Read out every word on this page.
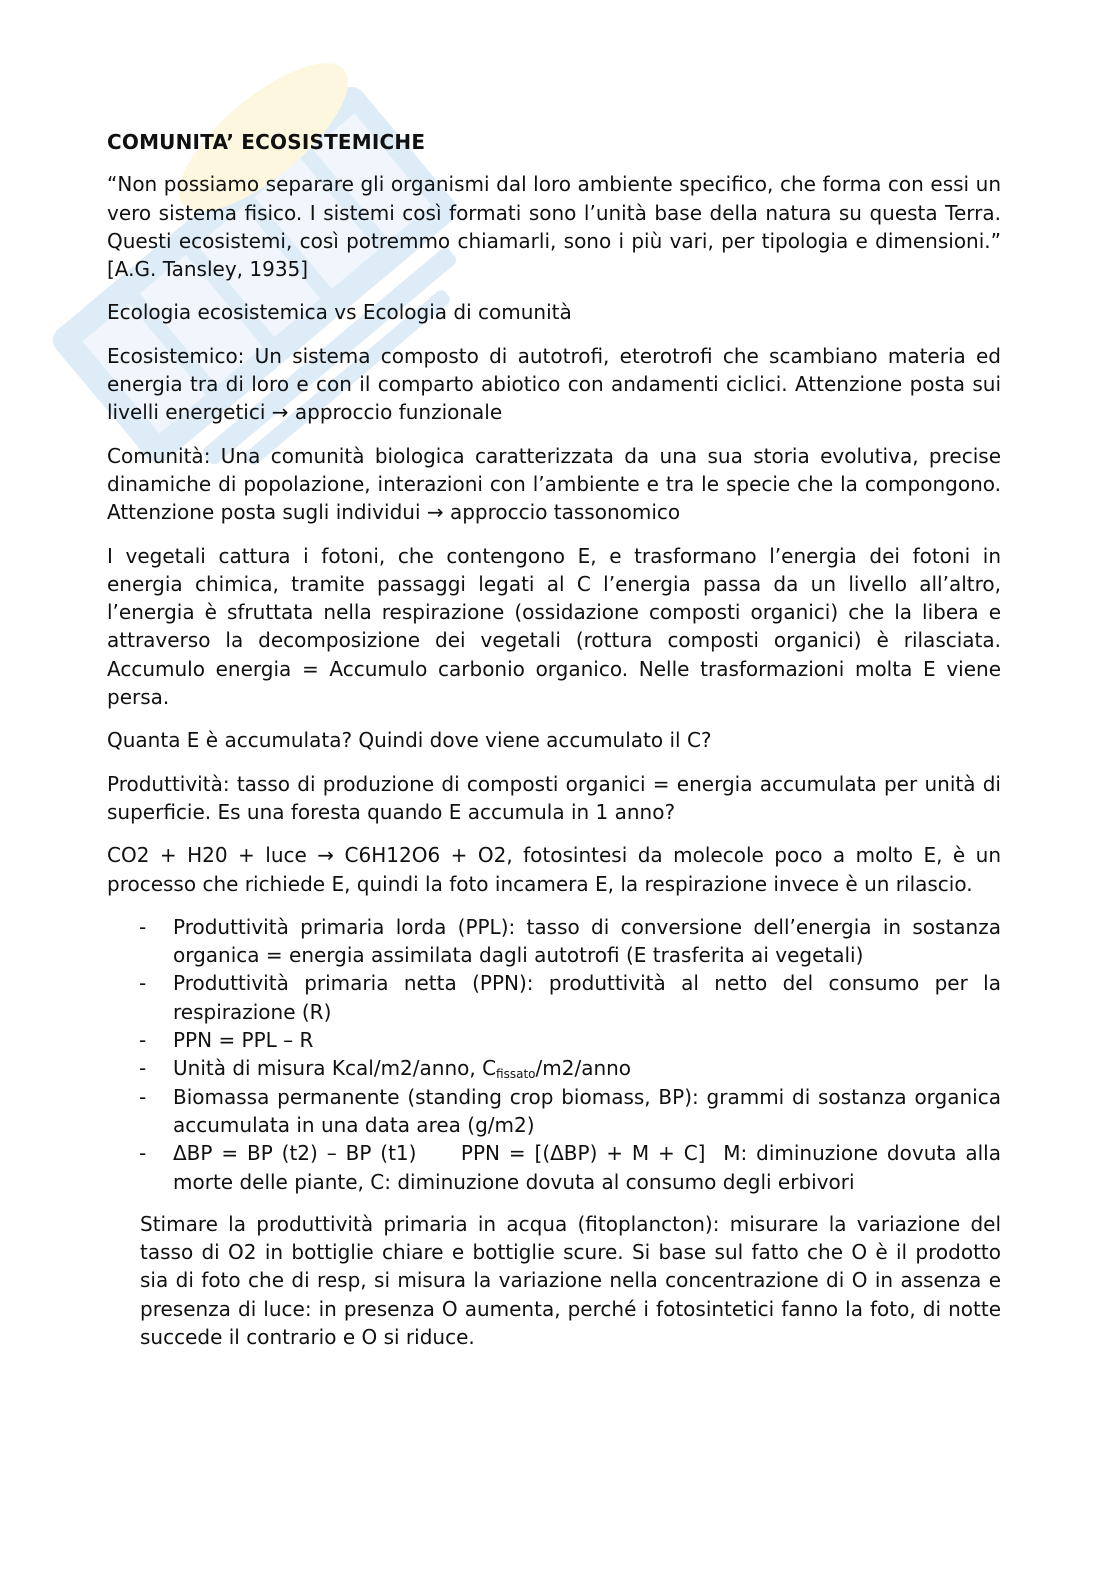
COMUNITA’ ECOSISTEMICHE

“Non possiamo separare gli organismi dal loro ambiente specifico, che forma con essi un vero sistema fisico. I sistemi così formati sono l’unità base della natura su questa Terra. Questi ecosistemi, così potremmo chiamarli, sono i più vari, per tipologia e dimensioni.” [A.G. Tansley, 1935]

Ecologia ecosistemica vs Ecologia di comunità

Ecosistemico: Un sistema composto di autotrofi, eterotrofi che scambiano materia ed energia tra di loro e con il comparto abiotico con andamenti ciclici. Attenzione posta sui livelli energetici → approccio funzionale

Comunità: Una comunità biologica caratterizzata da una sua storia evolutiva, precise dinamiche di popolazione, interazioni con l’ambiente e tra le specie che la compongono. Attenzione posta sugli individui → approccio tassonomico

I vegetali cattura i fotoni, che contengono E, e trasformano l’energia dei fotoni in energia chimica, tramite passaggi legati al C l’energia passa da un livello all’altro, l’energia è sfruttata nella respirazione (ossidazione composti organici) che la libera e attraverso la decomposizione dei vegetali (rottura composti organici) è rilasciata. Accumulo energia = Accumulo carbonio organico. Nelle trasformazioni molta E viene persa.

Quanta E è accumulata? Quindi dove viene accumulato il C?

Produttività: tasso di produzione di composti organici = energia accumulata per unità di superficie. Es una foresta quando E accumula in 1 anno?

CO2 + H20 + luce → C6H12O6 + O2, fotosintesi da molecole poco a molto E, è un processo che richiede E, quindi la foto incamera E, la respirazione invece è un rilascio.

- Produttività primaria lorda (PPL): tasso di conversione dell’energia in sostanza organica = energia assimilata dagli autotrofi (E trasferita ai vegetali)
- Produttività primaria netta (PPN): produttività al netto del consumo per la respirazione (R)
- PPN = PPL – R
- Unità di misura Kcal/m2/anno, $C_{fissato}/m2$/anno
- Biomassa permanente (standing crop biomass, BP): grammi di sostanza organica accumulata in una data area (g/m2)
- ΔBP = BP (t2) – BP (t1)     PPN = [(ΔBP) + M + C]  M: diminuzione dovuta alla morte delle piante, C: diminuzione dovuta al consumo degli erbivori

Stimare la produttività primaria in acqua (fitoplancton): misurare la variazione del tasso di O2 in bottiglie chiare e bottiglie scure. Si base sul fatto che O è il prodotto sia di foto che di resp, si misura la variazione nella concentrazione di O in assenza e presenza di luce: in presenza O aumenta, perché i fotosintetici fanno la foto, di notte succede il contrario e O si riduce.
